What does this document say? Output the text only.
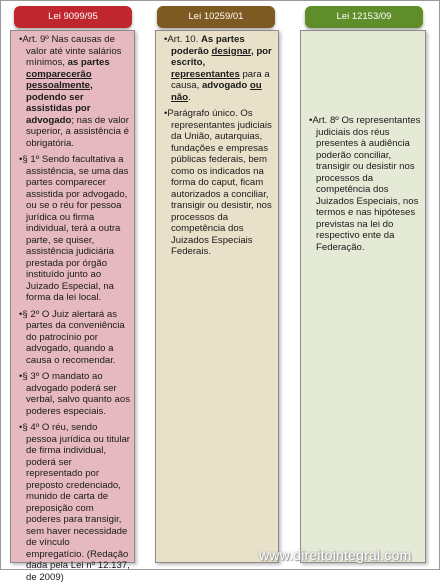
Lei 9099/95

•Art. 9º Nas causas de valor até vinte salários mínimos, as partes comparecerão pessoalmente, podendo ser assistidas por advogado; nas de valor superior, a assistência é obrigatória.

•§ 1º Sendo facultativa a assistência, se uma das partes comparecer assistida por advogado, ou se o réu for pessoa jurídica ou firma individual, terá a outra parte, se quiser, assistência judiciária prestada por órgão instituído junto ao Juizado Especial, na forma da lei local.

•§ 2º O Juiz alertará as partes da conveniência do patrocínio por advogado, quando a causa o recomendar.

•§ 3º O mandato ao advogado poderá ser verbal, salvo quanto aos poderes especiais.

•§ 4º O réu, sendo pessoa jurídica ou titular de firma individual, poderá ser representado por preposto credenciado, munido de carta de preposição com poderes para transigir, sem haver necessidade de vínculo empregatício. (Redação dada pela Lei nº 12.137, de 2009)

Lei 10259/01

•Art. 10. As partes poderão designar, por escrito, representantes para a causa, advogado ou não.

•Parágrafo único. Os representantes judiciais da União, autarquias, fundações e empresas públicas federais, bem como os indicados na forma do caput, ficam autorizados a conciliar, transigir ou desistir, nos processos da competência dos Juizados Especiais Federais.

Lei 12153/09

•Art. 8º Os representantes judiciais dos réus presentes à audiência poderão conciliar, transigir ou desistir nos processos da competência dos Juizados Especiais, nos termos e nas hipóteses previstas na lei do respectivo ente da Federação.

www.direitointegral.com
